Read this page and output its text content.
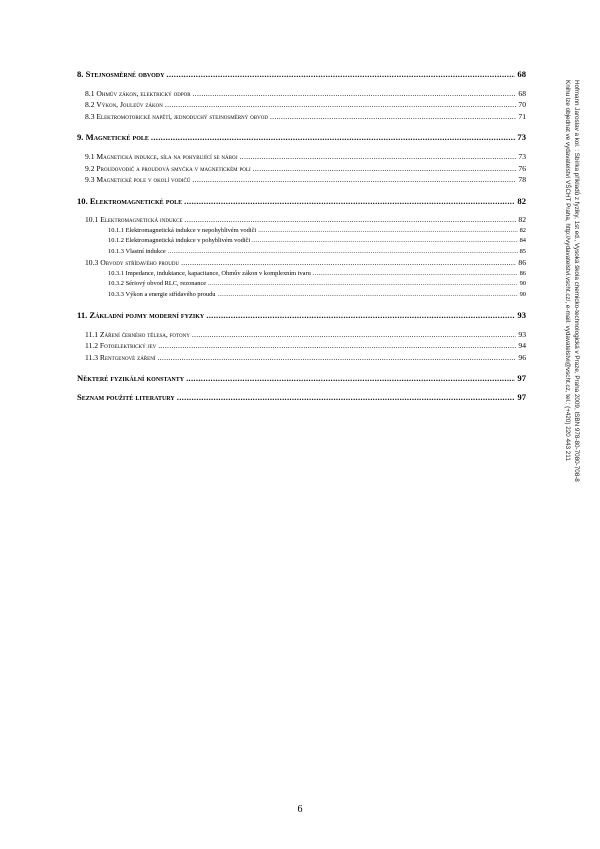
8. Stejnosměrné obvody .....	68
8.1 Ohmův zákon, elektrický odpor .....	68
8.2 Výkon, Jouleův zákon .....	70
8.3 Elektromotorické napětí, jednoduchý stejnosměrný obvod .....	71
9. Magnetické pole .....	73
9.1 Magnetická indukce, síla na pohybující se náboj .....	73
9.2 Proudovodič a proudová smyčka v magnetickém poli .....	76
9.3 Magnetické pole v okolí vodičů .....	78
10. Elektromagnetické pole .....	82
10.1 Elektromagnetická indukce .....	82
10.1.1 Elektromagnetická indukce v nepohyblivém vodiči .....	82
10.1.2 Elektromagnetická indukce v pohyblivém vodiči .....	84
10.1.3 Vlastní indukce .....	85
10.3 Obvody střídavého proudu .....	86
10.3.1 Impedance, induktance, kapacitance, Ohmův zákon v komplexním tvaru .....	86
10.3.2 Sériový obvod RLC, rezonance .....	90
10.3.3 Výkon a energie střídavého proudu .....	90
11. Základní pojmy moderní fyziky .....	93
11.1 Záření černého tělesa, fotony .....	93
11.2 Fotoelektrický jev .....	94
11.3 Rentgenové záření .....	96
Některé fyzikální konstanty .....	97
Seznam použité literatury .....	97	Hofmann Jaroslav a kol. : Sbírka příkladů z fyziky, 1st ed., Vysoká škola chemicko-technologická v Praze, Praha 2009, ISBN 978-80-7080-708-8
Knihu lze objednat ve vydavatelství VŠCHT Praha, http://vydavatelstvi.vscht.cz/, e-mail: vydavatelstvi@vscht.cz, tel.: (+420) 220 443 211
6
